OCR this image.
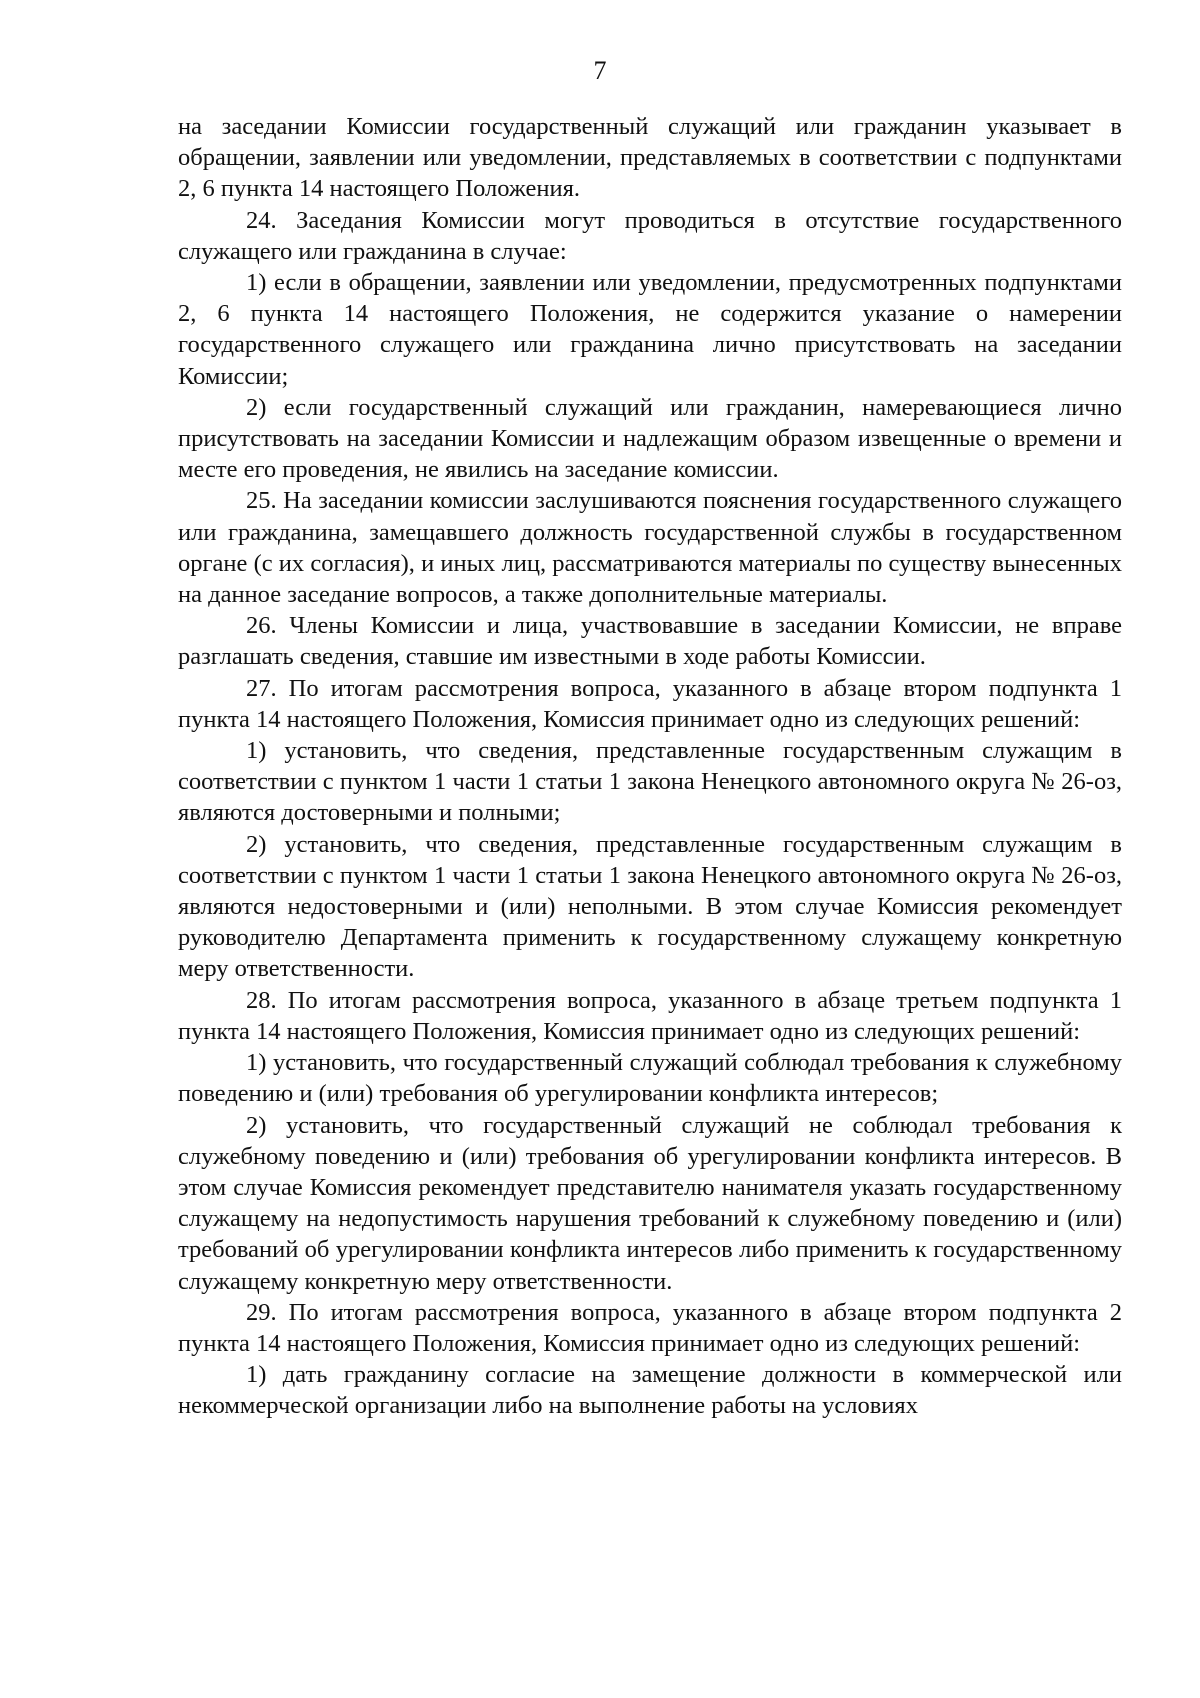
7

на заседании Комиссии государственный служащий или гражданин указывает в обращении, заявлении или уведомлении, представляемых в соответствии с подпунктами 2, 6 пункта 14 настоящего Положения.

24. Заседания Комиссии могут проводиться в отсутствие государственного служащего или гражданина в случае:

1) если в обращении, заявлении или уведомлении, предусмотренных подпунктами 2, 6 пункта 14 настоящего Положения, не содержится указание о намерении государственного служащего или гражданина лично присутствовать на заседании Комиссии;

2) если государственный служащий или гражданин, намеревающиеся лично присутствовать на заседании Комиссии и надлежащим образом извещенные о времени и месте его проведения, не явились на заседание комиссии.

25. На заседании комиссии заслушиваются пояснения государственного служащего или гражданина, замещавшего должность государственной службы в государственном органе (с их согласия), и иных лиц, рассматриваются материалы по существу вынесенных на данное заседание вопросов, а также дополнительные материалы.

26. Члены Комиссии и лица, участвовавшие в заседании Комиссии, не вправе разглашать сведения, ставшие им известными в ходе работы Комиссии.

27. По итогам рассмотрения вопроса, указанного в абзаце втором подпункта 1 пункта 14 настоящего Положения, Комиссия принимает одно из следующих решений:

1) установить, что сведения, представленные государственным служащим в соответствии с пунктом 1 части 1 статьи 1 закона Ненецкого автономного округа № 26-оз, являются достоверными и полными;

2) установить, что сведения, представленные государственным служащим в соответствии с пунктом 1 части 1 статьи 1 закона Ненецкого автономного округа № 26-оз, являются недостоверными и (или) неполными. В этом случае Комиссия рекомендует руководителю Департамента применить к государственному служащему конкретную меру ответственности.

28. По итогам рассмотрения вопроса, указанного в абзаце третьем подпункта 1 пункта 14 настоящего Положения, Комиссия принимает одно из следующих решений:

1) установить, что государственный служащий соблюдал требования к служебному поведению и (или) требования об урегулировании конфликта интересов;

2) установить, что государственный служащий не соблюдал требования к служебному поведению и (или) требования об урегулировании конфликта интересов. В этом случае Комиссия рекомендует представителю нанимателя указать государственному служащему на недопустимость нарушения требований к служебному поведению и (или) требований об урегулировании конфликта интересов либо применить к государственному служащему конкретную меру ответственности.

29. По итогам рассмотрения вопроса, указанного в абзаце втором подпункта 2 пункта 14 настоящего Положения, Комиссия принимает одно из следующих решений:

1) дать гражданину согласие на замещение должности в коммерческой или некоммерческой организации либо на выполнение работы на условиях
